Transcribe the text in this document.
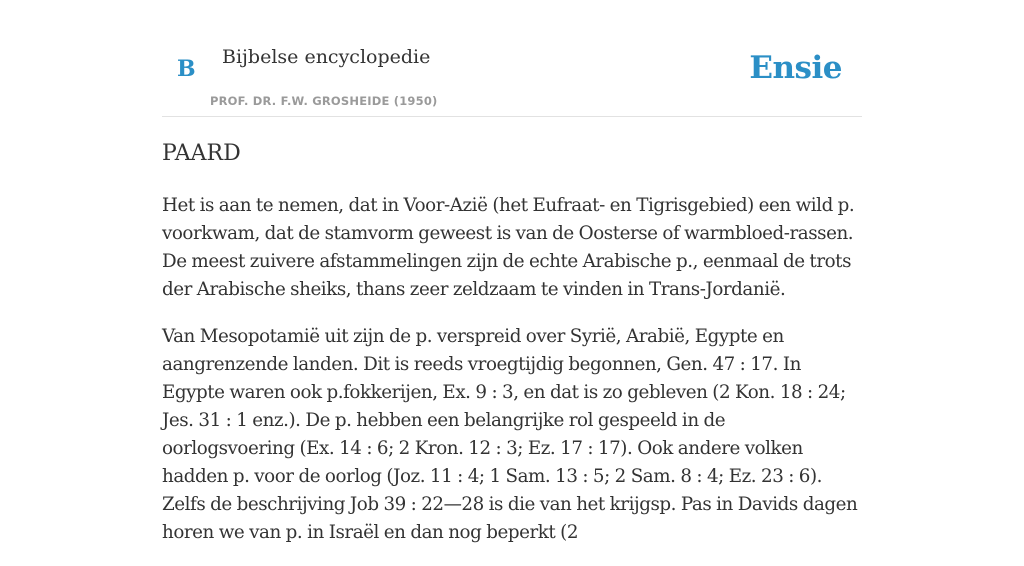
B Bijbelse encyclopedie
PROF. DR. F.W. GROSHEIDE (1950)
Ensie
PAARD

Het is aan te nemen, dat in Voor-Azië (het Eufraat- en Tigrisgebied) een wild p. voorkwam, dat de stamvorm geweest is van de Oosterse of warmbloed-rassen. De meest zuivere afstammelingen zijn de echte Arabische p., eenmaal de trots der Arabische sheiks, thans zeer zeldzaam te vinden in Trans-Jordanië.

Van Mesopotamië uit zijn de p. verspreid over Syrië, Arabië, Egypte en aangrenzende landen. Dit is reeds vroegtijdig begonnen, Gen. 47 : 17. In Egypte waren ook p.fokkerijen, Ex. 9 : 3, en dat is zo gebleven (2 Kon. 18 : 24; Jes. 31 : 1 enz.). De p. hebben een belangrijke rol gespeeld in de oorlogsvoering (Ex. 14 : 6; 2 Kron. 12 : 3; Ez. 17 : 17). Ook andere volken hadden p. voor de oorlog (Joz. 11 : 4; 1 Sam. 13 : 5; 2 Sam. 8 : 4; Ez. 23 : 6). Zelfs de beschrijving Job 39 : 22—28 is die van het krijgsp. Pas in Davids dagen horen we van p. in Israël en dan nog beperkt (2
